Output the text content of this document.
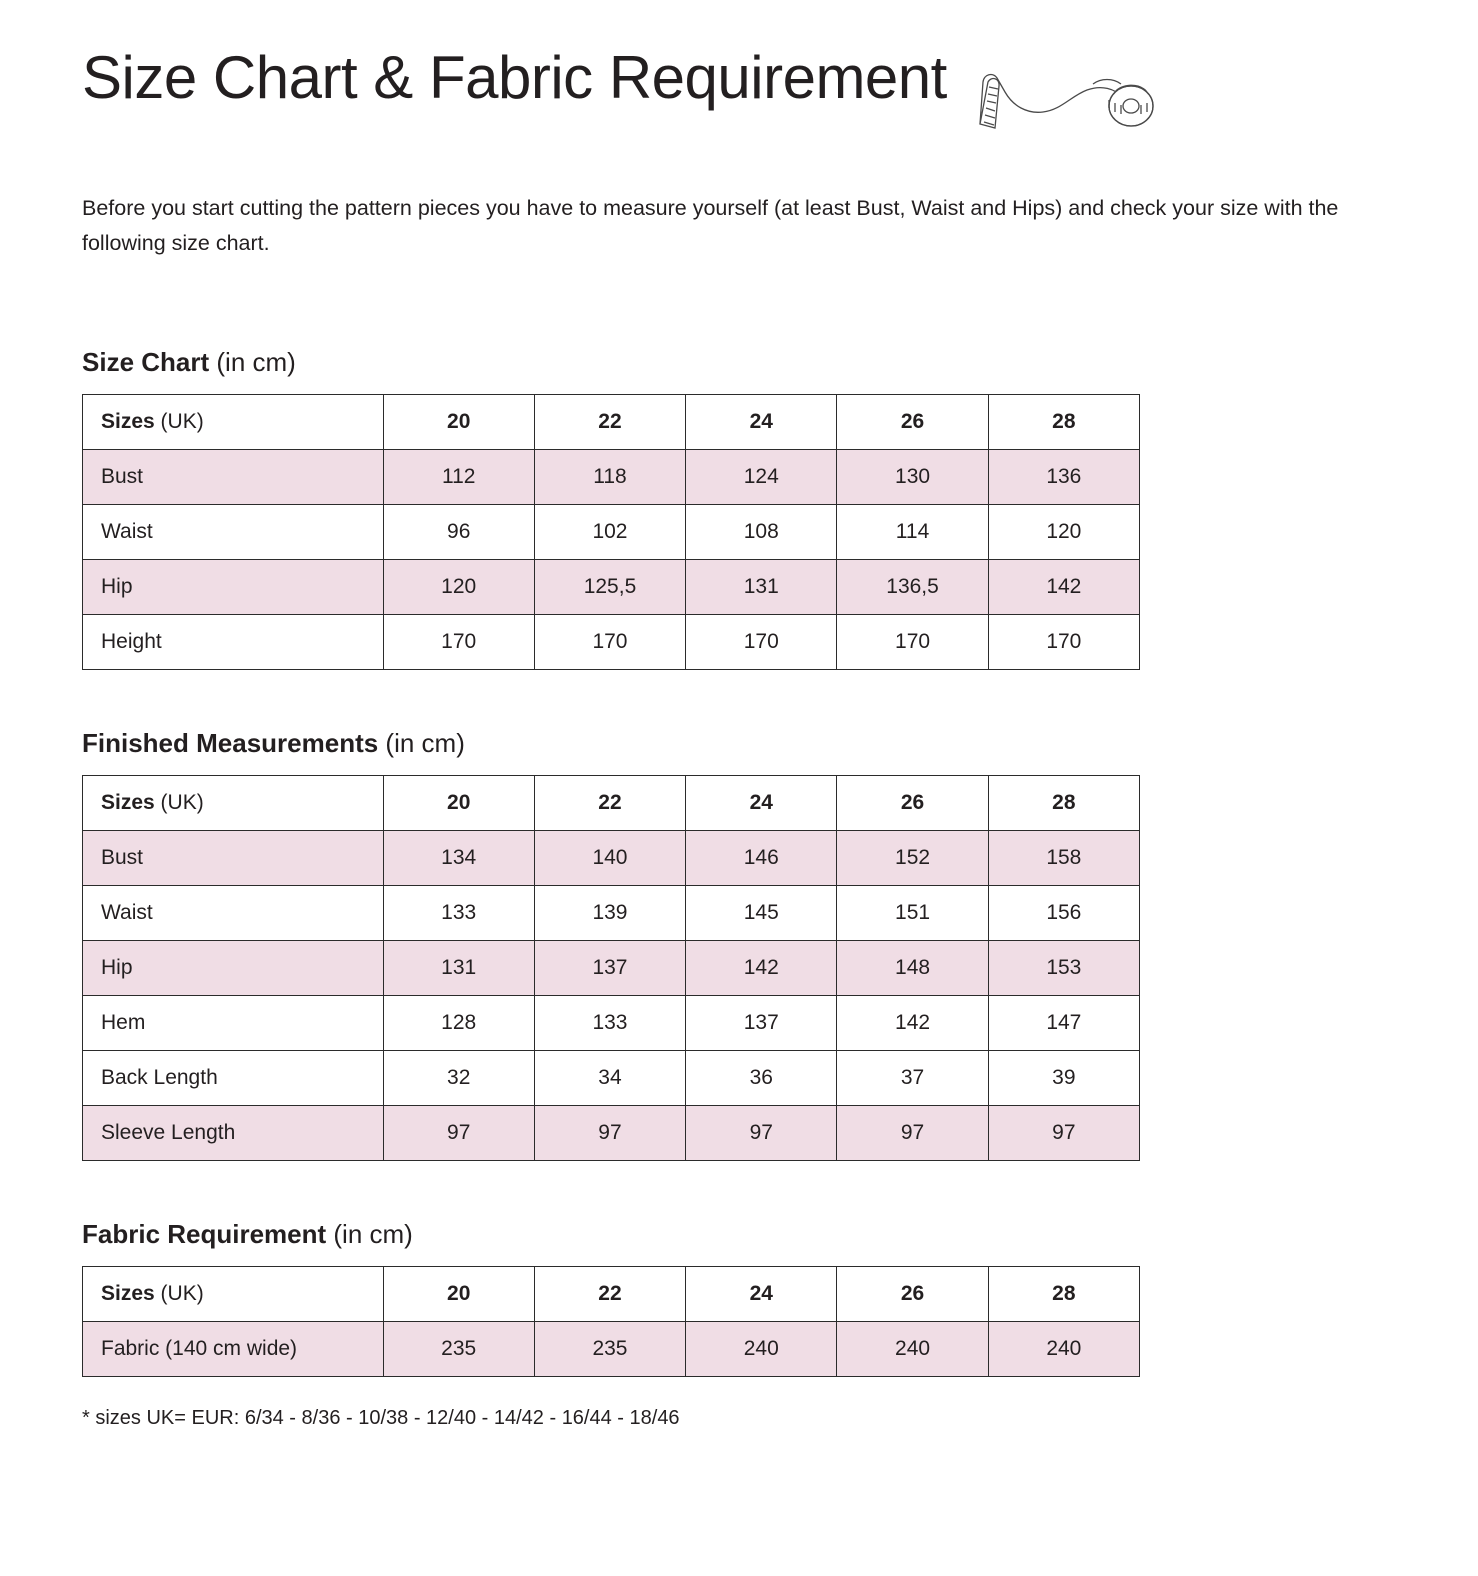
Size Chart & Fabric Requirement

Before you start cutting the pattern pieces you have to measure yourself (at least Bust, Waist and Hips) and check your size with the following size chart.

Size Chart (in cm)
Sizes (UK)	20	22	24	26	28
Bust	112	118	124	130	136
Waist	96	102	108	114	120
Hip	120	125,5	131	136,5	142
Height	170	170	170	170	170
Finished Measurements (in cm)
Sizes (UK)	20	22	24	26	28
Bust	134	140	146	152	158
Waist	133	139	145	151	156
Hip	131	137	142	148	153
Hem	128	133	137	142	147
Back Length	32	34	36	37	39
Sleeve Length	97	97	97	97	97
Fabric Requirement (in cm)
Sizes (UK)	20	22	24	26	28
Fabric (140 cm wide)	235	235	240	240	240
* sizes UK= EUR: 6/34 - 8/36 - 10/38 - 12/40 - 14/42 - 16/44 - 18/46
